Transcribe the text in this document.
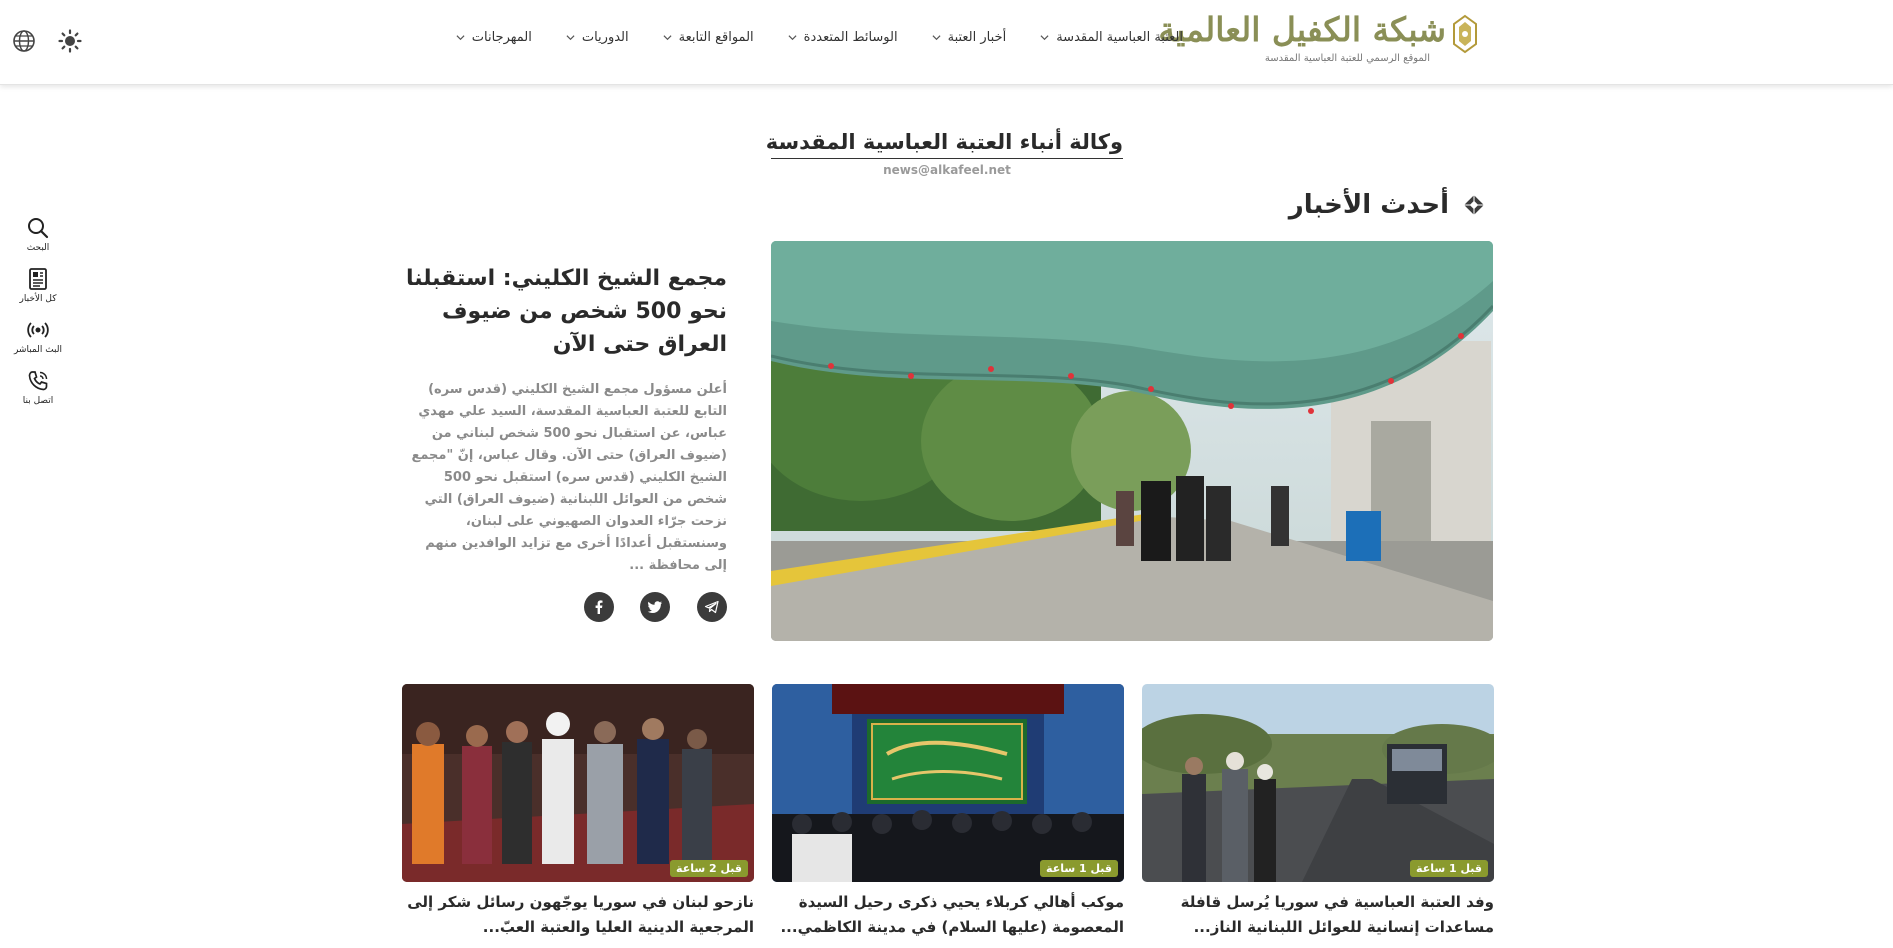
شبكة الكفيل العالمية
الموقع الرسمي للعتبة العباسية المقدسة
العتبة العباسية المقدسة
أخبار العتبة
الوسائط المتعددة
المواقع التابعة
الدوريات
المهرجانات
البحث
كل الأخبار
البث المباشر
اتصل بنا
وكالة أنباء العتبة العباسية المقدسة
news@alkafeel.net
أحدث الأخبار
مجمع الشيخ الكليني: استقبلنا نحو 500 شخص من ضيوف العراق حتى الآن

أعلن مسؤول مجمع الشيخ الكليني (قدس سره) التابع للعتبة العباسية المقدسة، السيد علي مهدي عباس، عن استقبال نحو 500 شخص لبناني من (ضيوف العراق) حتى الآن. وقال عباس، إنّ "مجمع الشيخ الكليني (قدس سره) استقبل نحو 500 شخص من العوائل اللبنانية (ضيوف العراق) التي نزحت جرّاء العدوان الصهيوني على لبنان، وسنستقبل أعدادًا أخرى مع تزايد الوافدين منهم إلى محافظة ...

قبل 1 ساعة
وفد العتبة العباسية في سوريا يُرسل قافلة مساعدات إنسانية للعوائل اللبنانية الناز...
قبل 1 ساعة
موكب أهالي كربلاء يحيي ذكرى رحيل السيدة المعصومة (عليها السلام) في مدينة الكاظمي...
قبل 2 ساعة
نازحو لبنان في سوريا يوجّهون رسائل شكر إلى المرجعية الدينية العليا والعتبة العبّ...
